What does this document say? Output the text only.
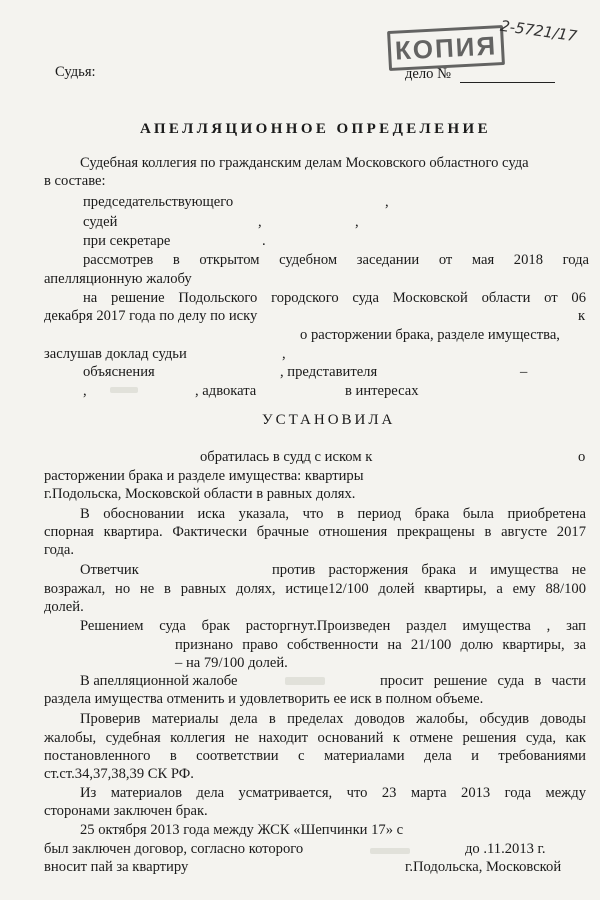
КОПИЯ 2-5721/17
Судья:	дело №
АПЕЛЛЯЦИОННОЕ ОПРЕДЕЛЕНИЕ
Судебная коллегия по гражданским делам Московского областного суда
в составе:
председательствующего	,
судей	,	,
при секретаре	.
рассмотрев в открытом судебном заседании от мая 2018 года
апелляционную жалобу
на решение Подольского городского суда Московской области от 06
декабря 2017 года по делу по иску	к
о расторжении брака, разделе имущества,
заслушав доклад судьи	,
объяснения	, представителя	–
,	, адвоката	в интересах
УСТАНОВИЛА
обратилась в судд с иском к	о
расторжении брака и разделе имущества: квартиры
г.Подольска, Московской области в равных долях.
В обосновании иска указала, что в период брака была приобретена
спорная квартира. Фактически брачные отношения прекращены в августе 2017
года.
Ответчик	против расторжения брака и имущества не
возражал, но не в равных долях, истице12/100 долей квартиры, а ему 88/100
долей.
Решением суда брак расторгнут.Произведен раздел имущества , зап
признано право собственности на 21/100 долю квартиры, за
– на 79/100 долей.
В апелляционной жалобе	просит решение суда в части
раздела имущества отменить и удовлетворить ее иск в полном объеме.
Проверив материалы дела в пределах доводов жалобы, обсудив доводы
жалобы, судебная коллегия не находит оснований к отмене решения суда, как
постановленного в соответствии с материалами дела и требованиями
ст.ст.34,37,38,39 СК РФ.
Из материалов дела усматривается, что 23 марта 2013 года между
сторонами заключен брак.
25 октября 2013 года между ЖСК «Шепчинки 17» с
был заключен договор, согласно которого	до .11.2013 г.
вносит пай за квартиру	г.Подольска, Московской
